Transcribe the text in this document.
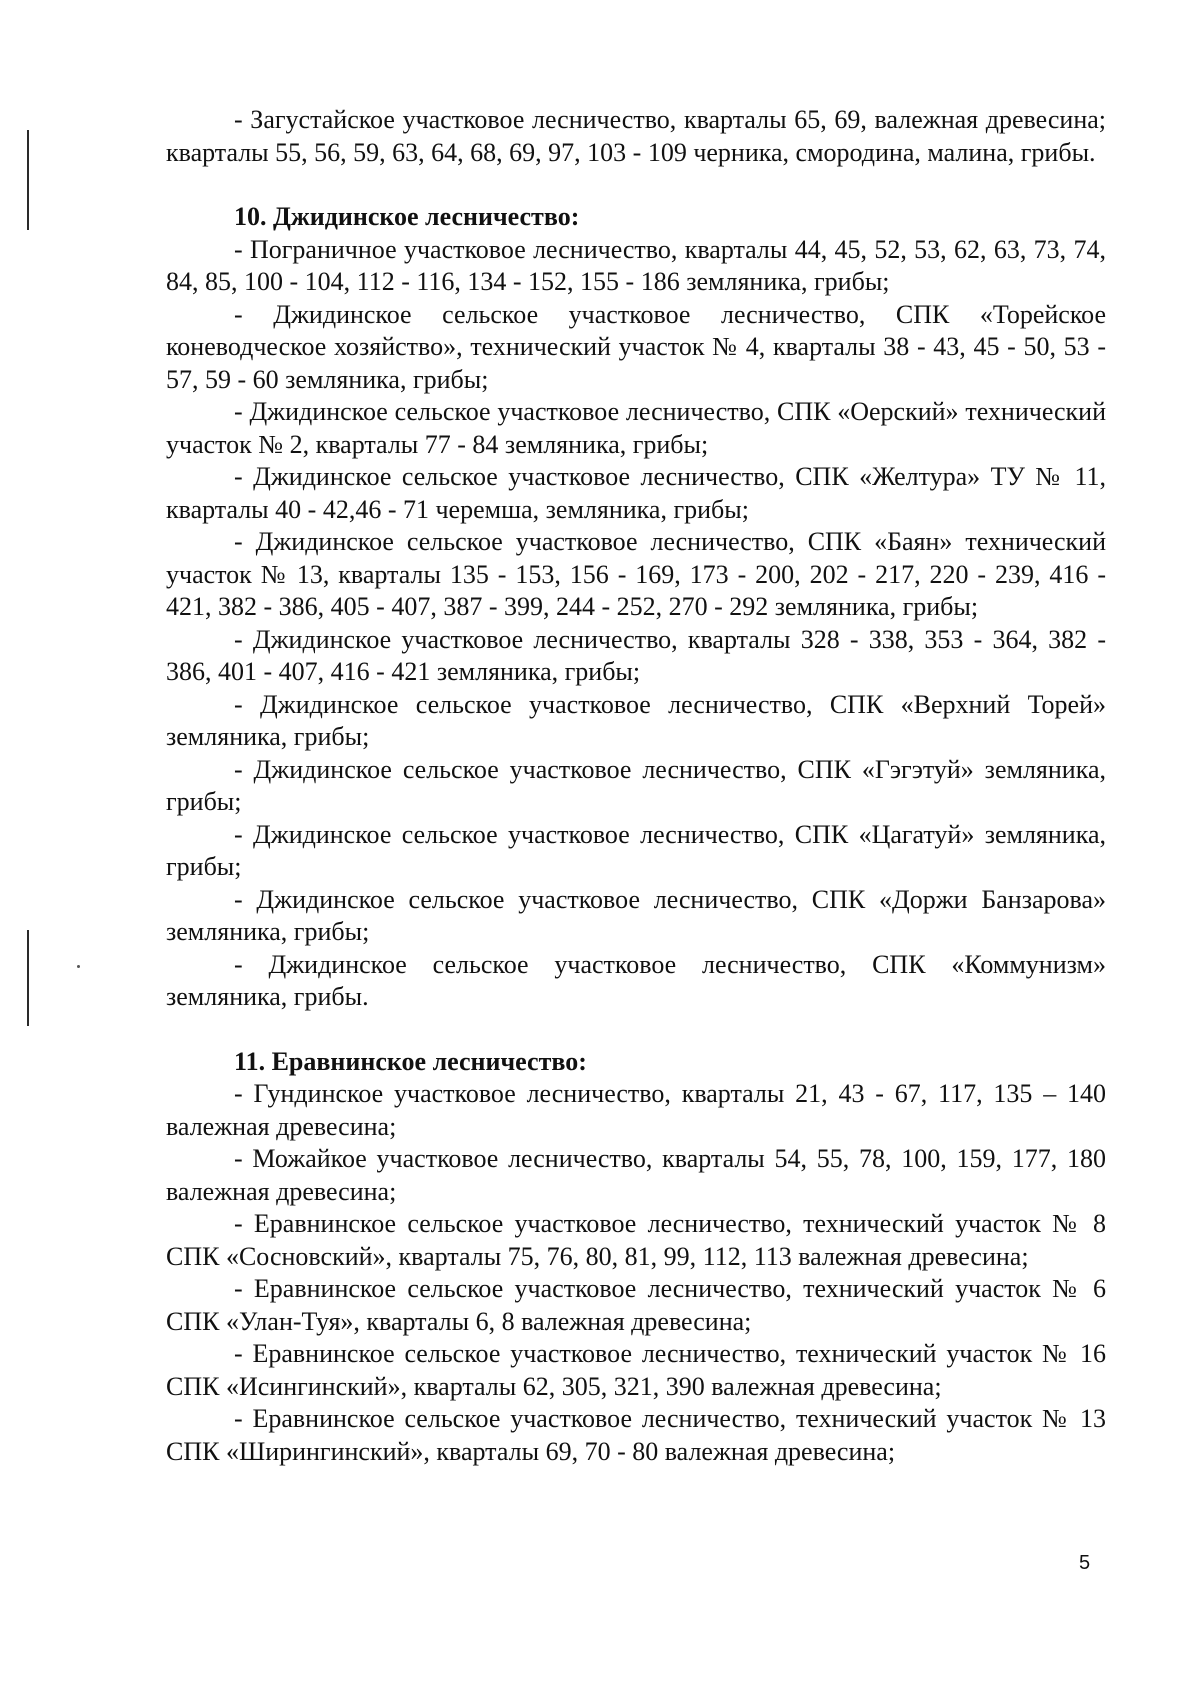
- Загустайское участковое лесничество, кварталы 65, 69, валежная древесина; кварталы 55, 56, 59, 63, 64, 68, 69, 97, 103 - 109 черника, смородина, малина, грибы.

10. Джидинское лесничество:

- Пограничное участковое лесничество, кварталы 44, 45, 52, 53, 62, 63, 73, 74, 84, 85, 100 - 104, 112 - 116, 134 - 152, 155 - 186 земляника, грибы;

- Джидинское сельское участковое лесничество, СПК «Торейское коневодческое хозяйство», технический участок № 4, кварталы 38 - 43, 45 - 50, 53 - 57, 59 - 60 земляника, грибы;

- Джидинское сельское участковое лесничество, СПК «Оерский» технический участок № 2, кварталы 77 - 84 земляника, грибы;

- Джидинское сельское участковое лесничество, СПК «Желтура» ТУ № 11, кварталы 40 - 42,46 - 71 черемша, земляника, грибы;

- Джидинское сельское участковое лесничество, СПК «Баян» технический участок № 13, кварталы 135 - 153, 156 - 169, 173 - 200, 202 - 217, 220 - 239, 416 - 421, 382 - 386, 405 - 407, 387 - 399, 244 - 252, 270 - 292 земляника, грибы;

- Джидинское участковое лесничество, кварталы 328 - 338, 353 - 364, 382 - 386, 401 - 407, 416 - 421 земляника, грибы;

- Джидинское сельское участковое лесничество, СПК «Верхний Торей» земляника, грибы;

- Джидинское сельское участковое лесничество, СПК «Гэгэтуй» земляника, грибы;

- Джидинское сельское участковое лесничество, СПК «Цагатуй» земляника, грибы;

- Джидинское сельское участковое лесничество, СПК «Доржи Банзарова» земляника, грибы;

- Джидинское сельское участковое лесничество, СПК «Коммунизм» земляника, грибы.

11. Еравнинское лесничество:

- Гундинское участковое лесничество, кварталы 21, 43 - 67, 117, 135 – 140 валежная древесина;

- Можайкое участковое лесничество, кварталы 54, 55, 78, 100, 159, 177, 180 валежная древесина;

- Еравнинское сельское участковое лесничество, технический участок № 8 СПК «Сосновский», кварталы 75, 76, 80, 81, 99, 112, 113 валежная древесина;

- Еравнинское сельское участковое лесничество, технический участок № 6 СПК «Улан-Туя», кварталы 6, 8 валежная древесина;

- Еравнинское сельское участковое лесничество, технический участок № 16 СПК «Исингинский», кварталы 62, 305, 321, 390 валежная древесина;

- Еравнинское сельское участковое лесничество, технический участок № 13 СПК «Ширингинский», кварталы 69, 70 - 80 валежная древесина;

5
